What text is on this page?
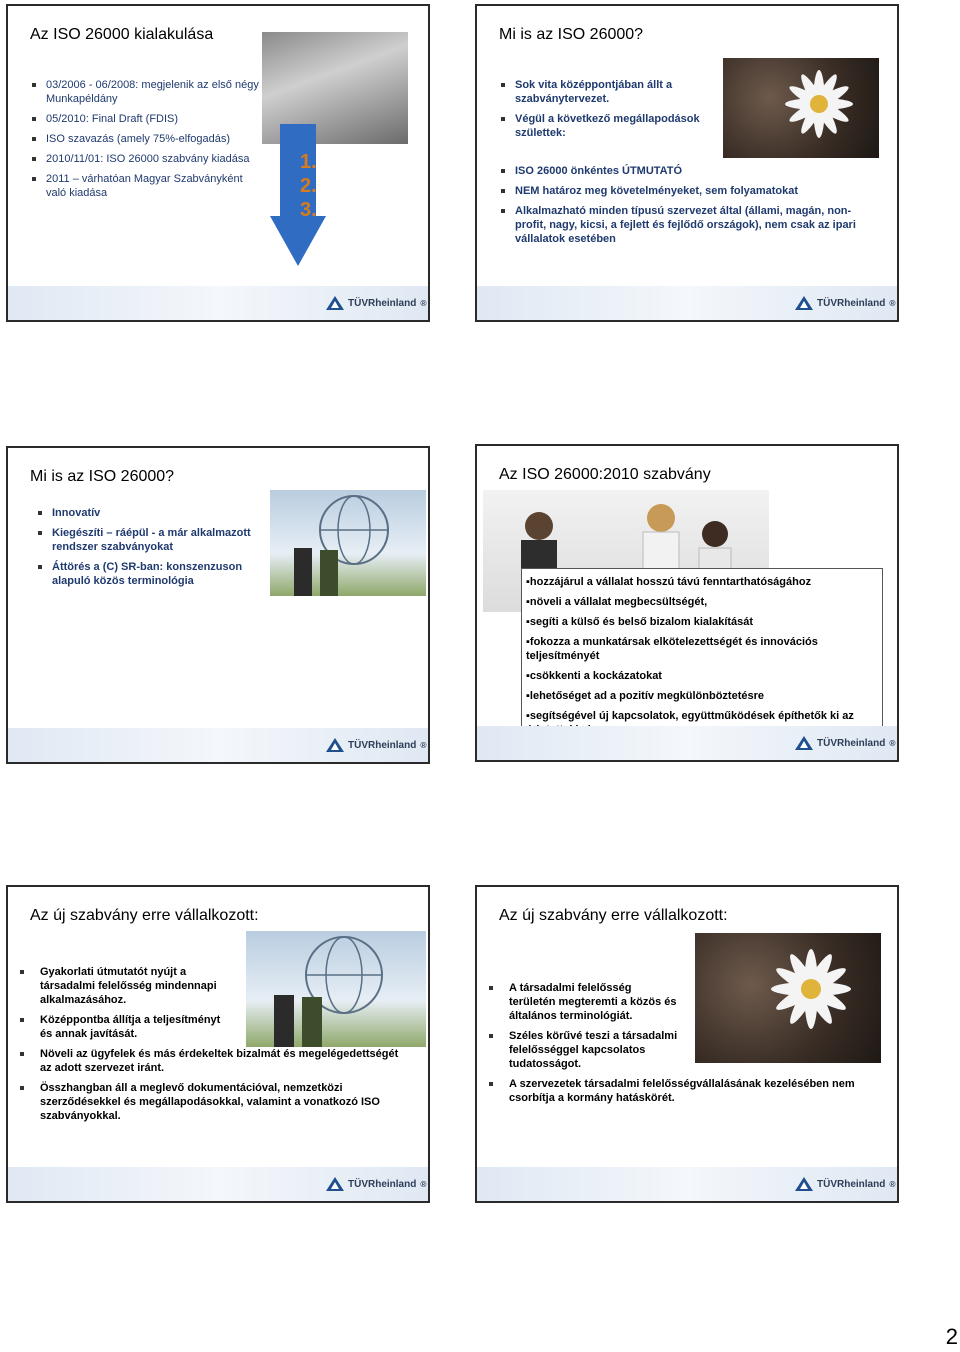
Az ISO 26000 kialakulása
03/2006 - 06/2008: megjelenik az első négy Munkapéldány
05/2010: Final Draft (FDIS)
ISO szavazás (amely 75%-elfogadás)
2010/11/01: ISO 26000 szabvány kiadása
2011 – várhatóan Magyar Szabványként való kiadása
1.
2.
3.
TÜVRheinland ®
Mi is az ISO 26000?
Sok vita középpontjában állt a szabványtervezet.
Végül a következő megállapodások születtek:
ISO 26000 önkéntes ÚTMUTATÓ
NEM határoz meg követelményeket, sem folyamatokat
Alkalmazható minden típusú szervezet által (állami, magán, non-profit, nagy, kicsi, a fejlett és fejlődő országok), nem csak az ipari vállalatok esetében
TÜVRheinland ®
Mi is az ISO 26000?
Innovatív
Kiegészíti – ráépül - a már alkalmazott rendszer szabványokat
Áttörés a (C) SR-ban: konszenzuson alapuló közös terminológia
TÜVRheinland ®
Az ISO 26000:2010 szabvány

▪hozzájárul a vállalat hosszú távú fenntarthatóságához

▪növeli a vállalat megbecsültségét,

▪segíti a külső és belső bizalom kialakítását

▪fokozza a munkatársak elkötelezettségét és innovációs teljesítményét

▪csökkenti a kockázatokat

▪lehetőséget ad a pozitív megkülönböztetésre

▪segítségével új kapcsolatok, együttműködések építhetők ki az

TÜVRheinland ®
Az új szabvány erre vállalkozott:
Gyakorlati útmutatót nyújt a társadalmi felelősség mindennapi alkalmazásához.
Középpontba állítja a teljesítményt és annak javítását.
Növeli az ügyfelek és más érdekeltek bizalmát és megelégedettségét az adott szervezet iránt.
Összhangban áll a meglevő dokumentációval, nemzetközi szerződésekkel és megállapodásokkal, valamint a vonatkozó ISO szabványokkal.
TÜVRheinland ®
Az új szabvány erre vállalkozott:
A társadalmi felelősség területén megteremti a közös és általános terminológiát.
Széles körűvé teszi a társadalmi felelősséggel kapcsolatos tudatosságot.
A szervezetek társadalmi felelősségvállalásának kezelésében nem csorbítja a kormány hatáskörét.
TÜVRheinland ®
2
